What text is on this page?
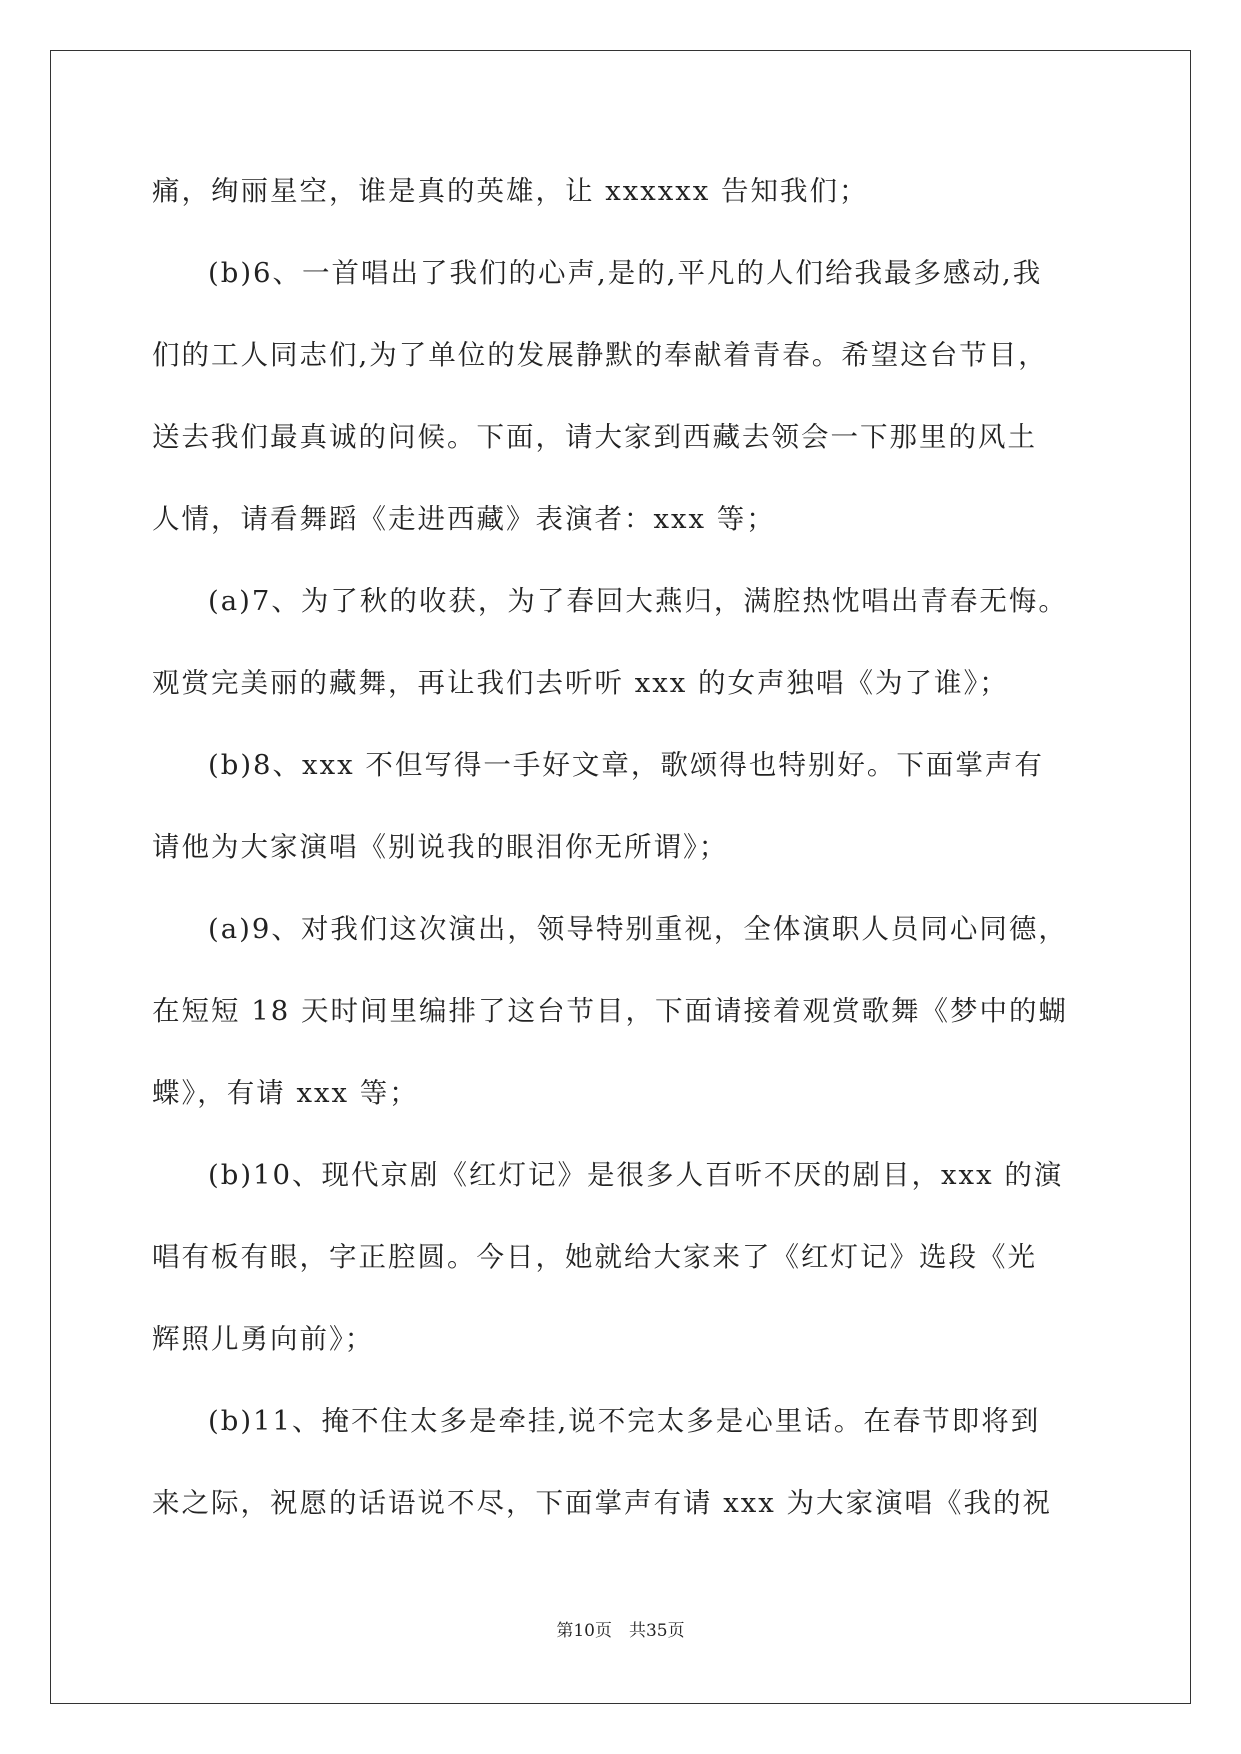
痛，绚丽星空，谁是真的英雄，让 xxxxxx 告知我们；
(b)6、一首唱出了我们的心声,是的,平凡的人们给我最多感动,我
们的工人同志们,为了单位的发展静默的奉献着青春。希望这台节目，
送去我们最真诚的问候。下面，请大家到西藏去领会一下那里的风土
人情，请看舞蹈《走进西藏》表演者：xxx 等；
(a)7、为了秋的收获，为了春回大燕归，满腔热忱唱出青春无悔。
观赏完美丽的藏舞，再让我们去听听 xxx 的女声独唱《为了谁》；
(b)8、xxx 不但写得一手好文章，歌颂得也特别好。下面掌声有
请他为大家演唱《别说我的眼泪你无所谓》；
(a)9、对我们这次演出，领导特别重视，全体演职人员同心同德，
在短短 18 天时间里编排了这台节目，下面请接着观赏歌舞《梦中的蝴
蝶》，有请 xxx 等；
(b)10、现代京剧《红灯记》是很多人百听不厌的剧目，xxx 的演
唱有板有眼，字正腔圆。今日，她就给大家来了《红灯记》选段《光
辉照儿勇向前》；
(b)11、掩不住太多是牵挂,说不完太多是心里话。在春节即将到
来之际，祝愿的话语说不尽，下面掌声有请 xxx 为大家演唱《我的祝
第10页　共35页
